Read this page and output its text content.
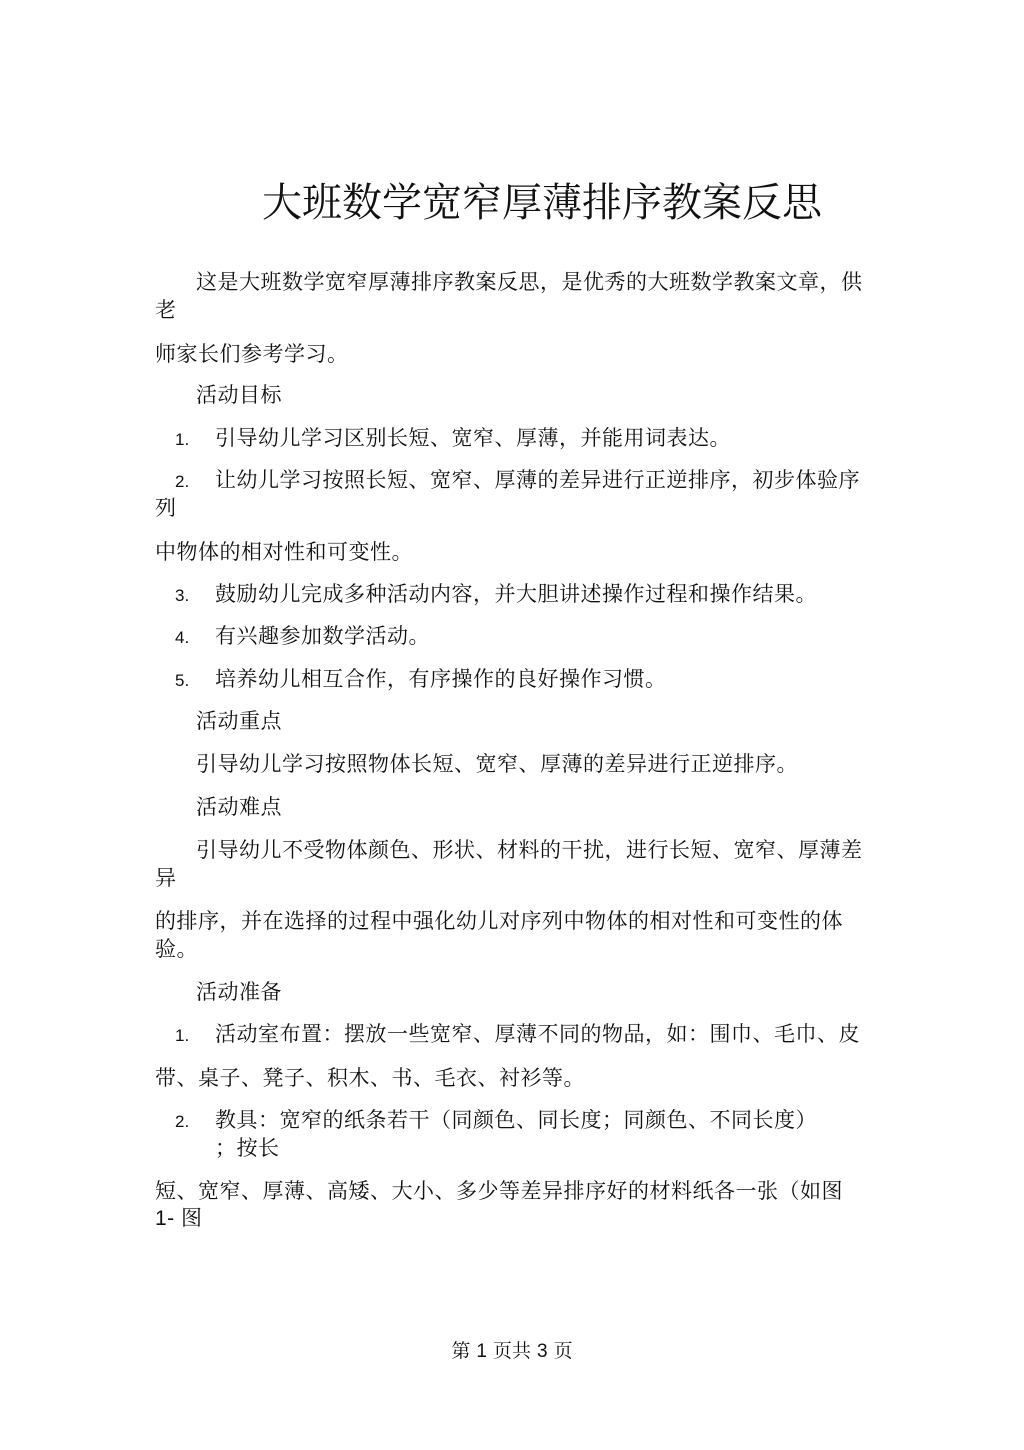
大班数学宽窄厚薄排序教案反思
这是大班数学宽窄厚薄排序教案反思，是优秀的大班数学教案文章，供
老
师家长们参考学习。
活动目标
1. 引导幼儿学习区别长短、宽窄、厚薄，并能用词表达。
2. 让幼儿学习按照长短、宽窄、厚薄的差异进行正逆排序，初步体验序
列
中物体的相对性和可变性。
3. 鼓励幼儿完成多种活动内容，并大胆讲述操作过程和操作结果。
4. 有兴趣参加数学活动。
5. 培养幼儿相互合作，有序操作的良好操作习惯。
活动重点
引导幼儿学习按照物体长短、宽窄、厚薄的差异进行正逆排序。
活动难点
引导幼儿不受物体颜色、形状、材料的干扰，进行长短、宽窄、厚薄差
异
的排序，并在选择的过程中强化幼儿对序列中物体的相对性和可变性的体
验。
活动准备
1. 活动室布置：摆放一些宽窄、厚薄不同的物品，如：围巾、毛巾、皮
带、桌子、凳子、积木、书、毛衣、衬衫等。
2. 教具：宽窄的纸条若干（同颜色、同长度；同颜色、不同长度）
；按长
短、宽窄、厚薄、高矮、大小、多少等差异排序好的材料纸各一张（如图
1- 图
第 1 页共 3 页
